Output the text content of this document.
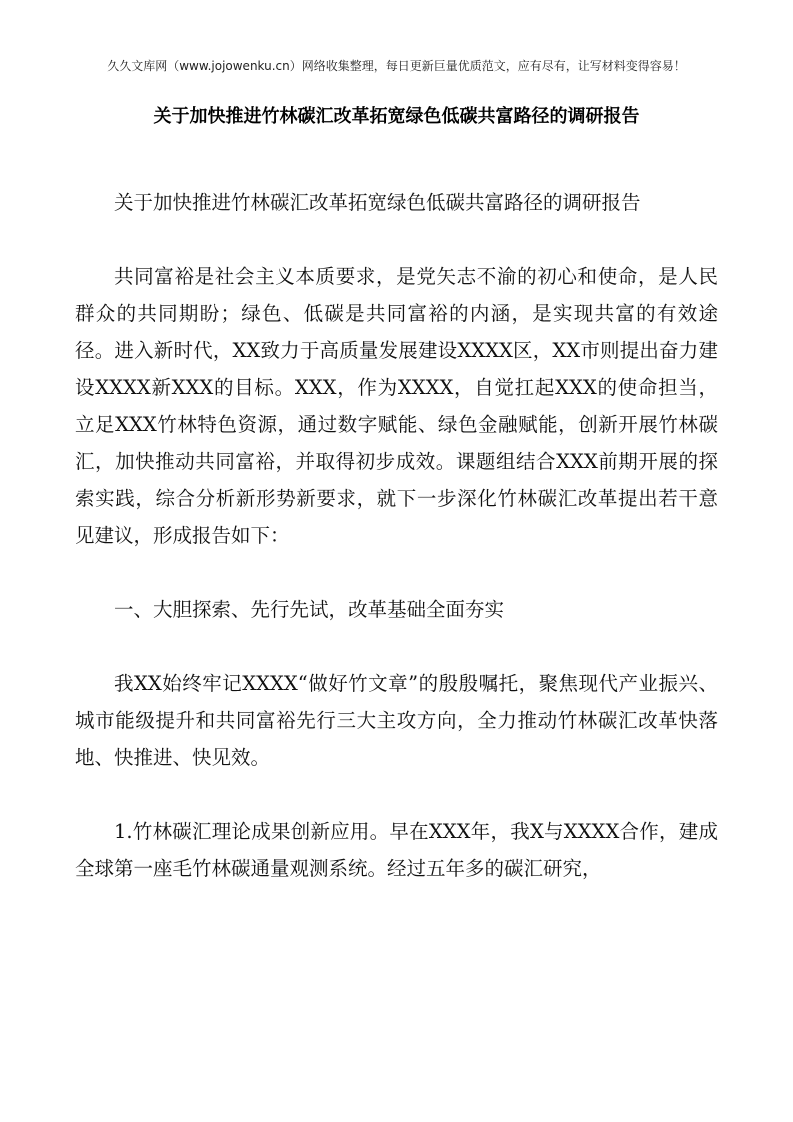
久久文库网（www.jojowenku.cn）网络收集整理，每日更新巨量优质范文，应有尽有，让写材料变得容易！
关于加快推进竹林碳汇改革拓宽绿色低碳共富路径的调研报告

关于加快推进竹林碳汇改革拓宽绿色低碳共富路径的调研报告

共同富裕是社会主义本质要求，是党矢志不渝的初心和使命，是人民群众的共同期盼；绿色、低碳是共同富裕的内涵，是实现共富的有效途径。进入新时代，XX致力于高质量发展建设XXXX区，XX市则提出奋力建设XXXX新XXX的目标。XXX，作为XXXX，自觉扛起XXX的使命担当，立足XXX竹林特色资源，通过数字赋能、绿色金融赋能，创新开展竹林碳汇，加快推动共同富裕，并取得初步成效。课题组结合XXX前期开展的探索实践，综合分析新形势新要求，就下一步深化竹林碳汇改革提出若干意见建议，形成报告如下：

一、大胆探索、先行先试，改革基础全面夯实

我XX始终牢记XXXX“做好竹文章”的殷殷嘱托，聚焦现代产业振兴、城市能级提升和共同富裕先行三大主攻方向，全力推动竹林碳汇改革快落地、快推进、快见效。

1.竹林碳汇理论成果创新应用。早在XXX年，我X与XXXX合作，建成全球第一座毛竹林碳通量观测系统。经过五年多的碳汇研究，
